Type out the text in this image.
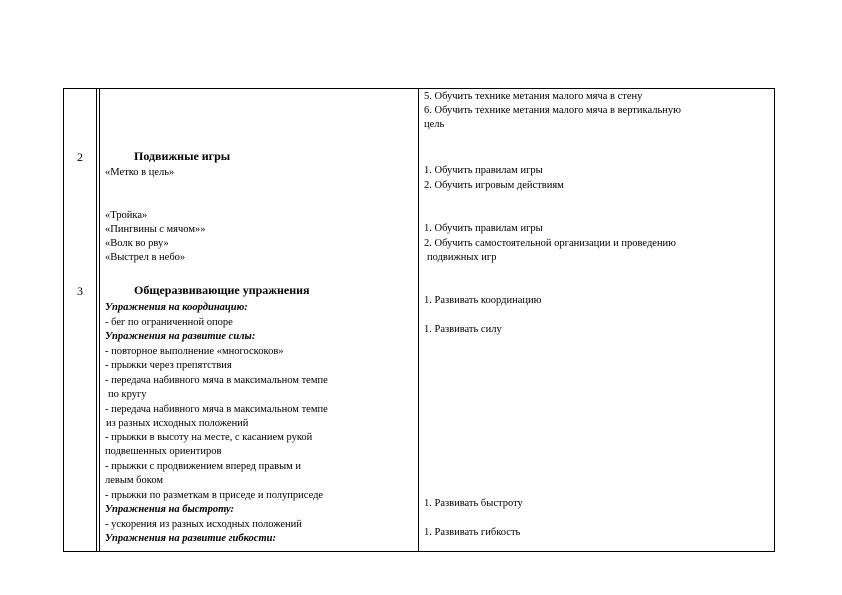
2
3
Подвижные игры
«Метко в цель»
«Тройка»
«Пингвины с мячом»»
«Волк во рву»
«Выстрел в небо»
Общеразвивающие упражнения
Упражнения на координацию:
- бег по ограниченной опоре
Упражнения на развитие силы:
- повторное выполнение «многоскоков»
- прыжки через препятствия
- передача набивного мяча в максимальном темпе
по кругу
- передача набивного мяча в максимальном темпе
из разных исходных положений
- прыжки в высоту на месте, с касанием рукой
подвешенных ориентиров
- прыжки с продвижением вперед правым и
левым боком
- прыжки по разметкам в приседе и полуприседе
Упражнения на быстроту:
- ускорения из разных исходных положений
Упражнения на развитие гибкости:
5. Обучить технике метания малого мяча в стену
6. Обучить технике метания малого мяча в вертикальную
цель
1. Обучить правилам игры
2. Обучить игровым действиям
1. Обучить правилам игры
2. Обучить самостоятельной организации и проведению
подвижных игр
1. Развивать координацию
1. Развивать силу
1. Развивать быстроту
1. Развивать гибкость
